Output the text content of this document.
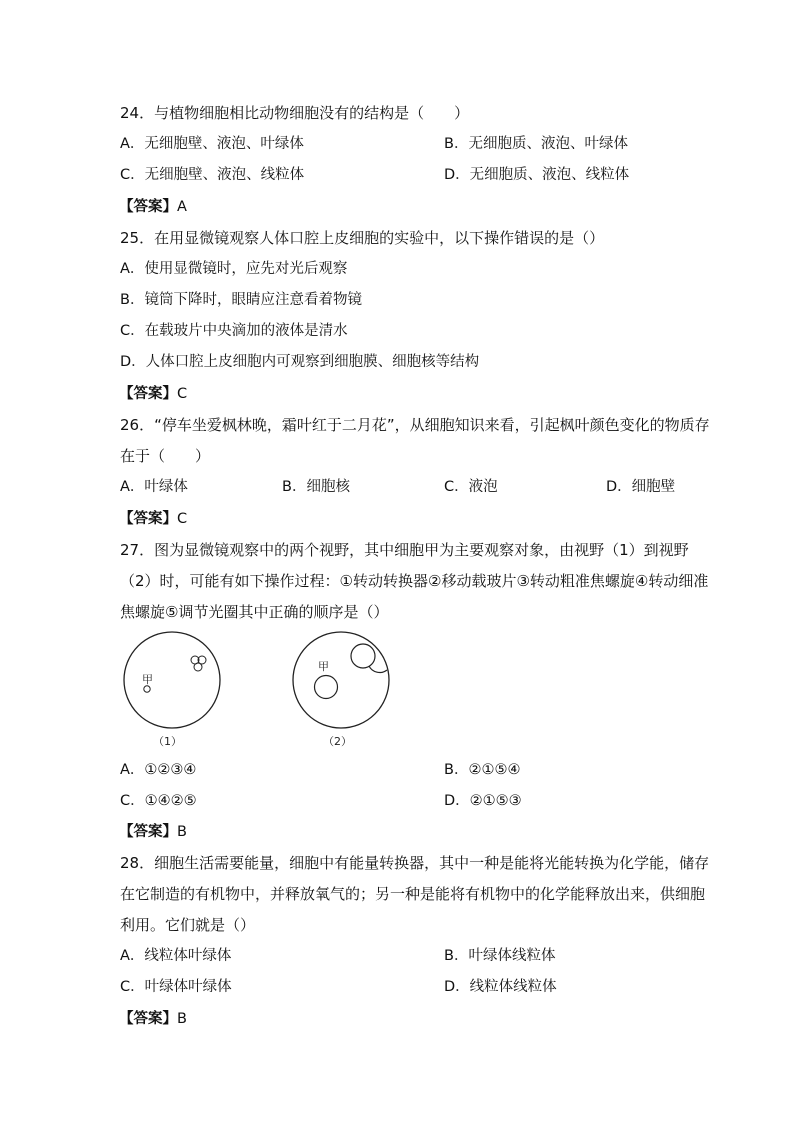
24．与植物细胞相比动物细胞没有的结构是（　　）
A．无细胞壁、液泡、叶绿体	B．无细胞质、液泡、叶绿体
C．无细胞壁、液泡、线粒体	D．无细胞质、液泡、线粒体
【答案】A
25．在用显微镜观察人体口腔上皮细胞的实验中，以下操作错误的是（）
A．使用显微镜时，应先对光后观察
B．镜筒下降时，眼睛应注意看着物镜
C．在载玻片中央滴加的液体是清水
D．人体口腔上皮细胞内可观察到细胞膜、细胞核等结构
【答案】C
26．“停车坐爱枫林晚，霜叶红于二月花”，从细胞知识来看，引起枫叶颜色变化的物质存
在于（　　）
A．叶绿体	B．细胞核	C．液泡	D．细胞壁
【答案】C
27．图为显微镜观察中的两个视野，其中细胞甲为主要观察对象，由视野（1）到视野
（2）时，可能有如下操作过程：①转动转换器②移动载玻片③转动粗准焦螺旋④转动细准
焦螺旋⑤调节光圈其中正确的顺序是（）
甲
（1）
甲
（2）
A．①②③④	B．②①⑤④
C．①④②⑤	D．②①⑤③
【答案】B
28．细胞生活需要能量，细胞中有能量转换器，其中一种是能将光能转换为化学能，储存
在它制造的有机物中，并释放氧气的；另一种是能将有机物中的化学能释放出来，供细胞
利用。它们就是（）
A．线粒体叶绿体	B．叶绿体线粒体
C．叶绿体叶绿体	D．线粒体线粒体
【答案】B
